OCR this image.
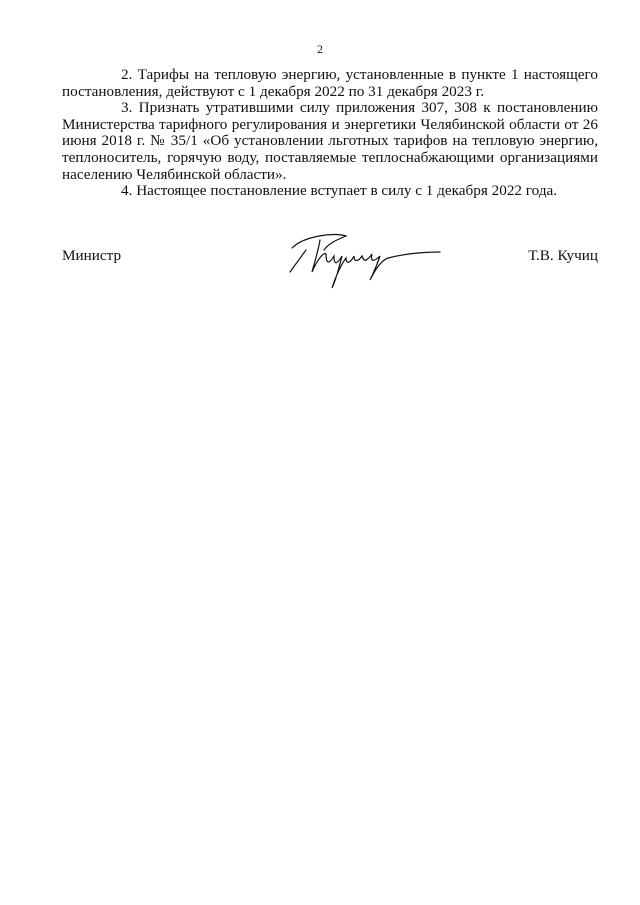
2

2. Тарифы на тепловую энергию, установленные в пункте 1 настоящего постановления, действуют с 1 декабря 2022 по 31 декабря 2023 г.

3. Признать утратившими силу приложения 307, 308 к постановлению Министерства тарифного регулирования и энергетики Челябинской области от 26 июня 2018 г. № 35/1 «Об установлении льготных тарифов на тепловую энергию, теплоноситель, горячую воду, поставляемые теплоснабжающими организациями населению Челябинской области».

4. Настоящее постановление вступает в силу с 1 декабря 2022 года.

Министр	Т.В. Кучиц
